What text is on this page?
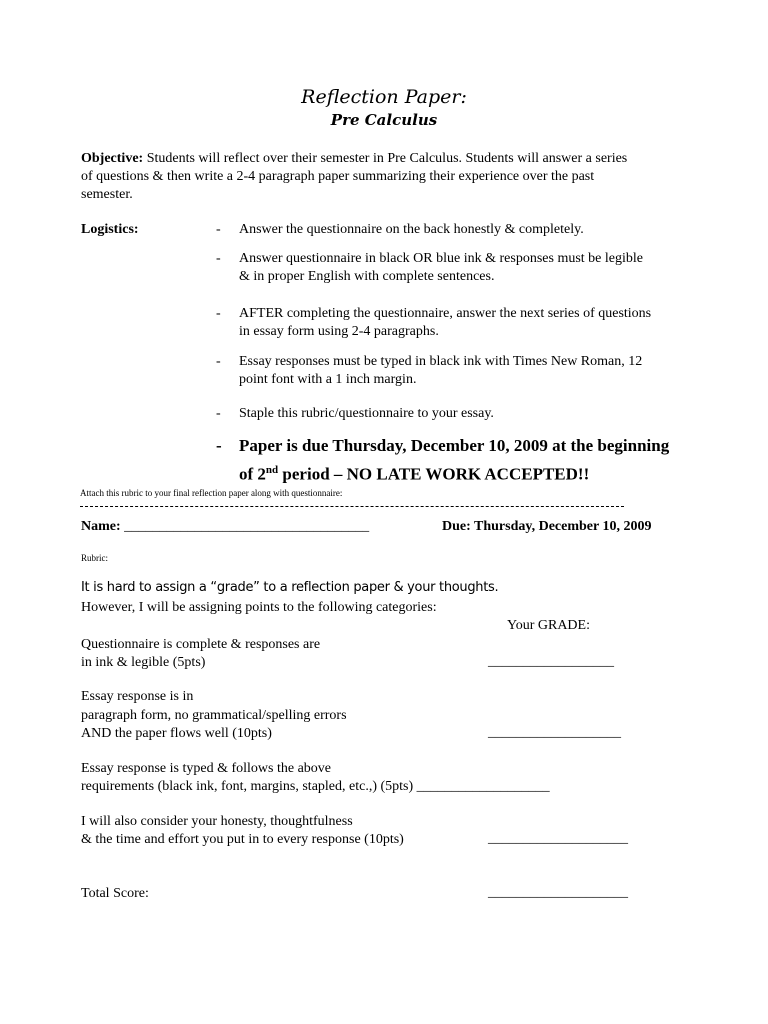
Reflection Paper:
Pre Calculus
Objective: Students will reflect over their semester in Pre Calculus. Students will answer a series
of questions & then write a 2-4 paragraph paper summarizing their experience over the past
semester.
Logistics:	- Answer the questionnaire on the back honestly & completely.
- Answer questionnaire in black OR blue ink & responses must be legible
& in proper English with complete sentences.
- AFTER completing the questionnaire, answer the next series of questions
in essay form using 2-4 paragraphs.
- Essay responses must be typed in black ink with Times New Roman, 12
point font with a 1 inch margin.
- Staple this rubric/questionnaire to your essay.
- Paper is due Thursday, December 10, 2009 at the beginning
of 2nd period – NO LATE WORK ACCEPTED!!
Attach this rubric to your final reflection paper along with questionnaire:
Name: ___________________________________	Due: Thursday, December 10, 2009
Rubric:
It is hard to assign a “grade” to a reflection paper & your thoughts.
However, I will be assigning points to the following categories:
Your GRADE:
Questionnaire is complete & responses are
in ink & legible (5pts)	__________________
Essay response is in
paragraph form, no grammatical/spelling errors
AND the paper flows well (10pts)	___________________
Essay response is typed & follows the above
requirements (black ink, font, margins, stapled, etc.,) (5pts) ___________________
I will also consider your honesty, thoughtfulness
& the time and effort you put in to every response (10pts)	____________________
Total Score:	____________________
